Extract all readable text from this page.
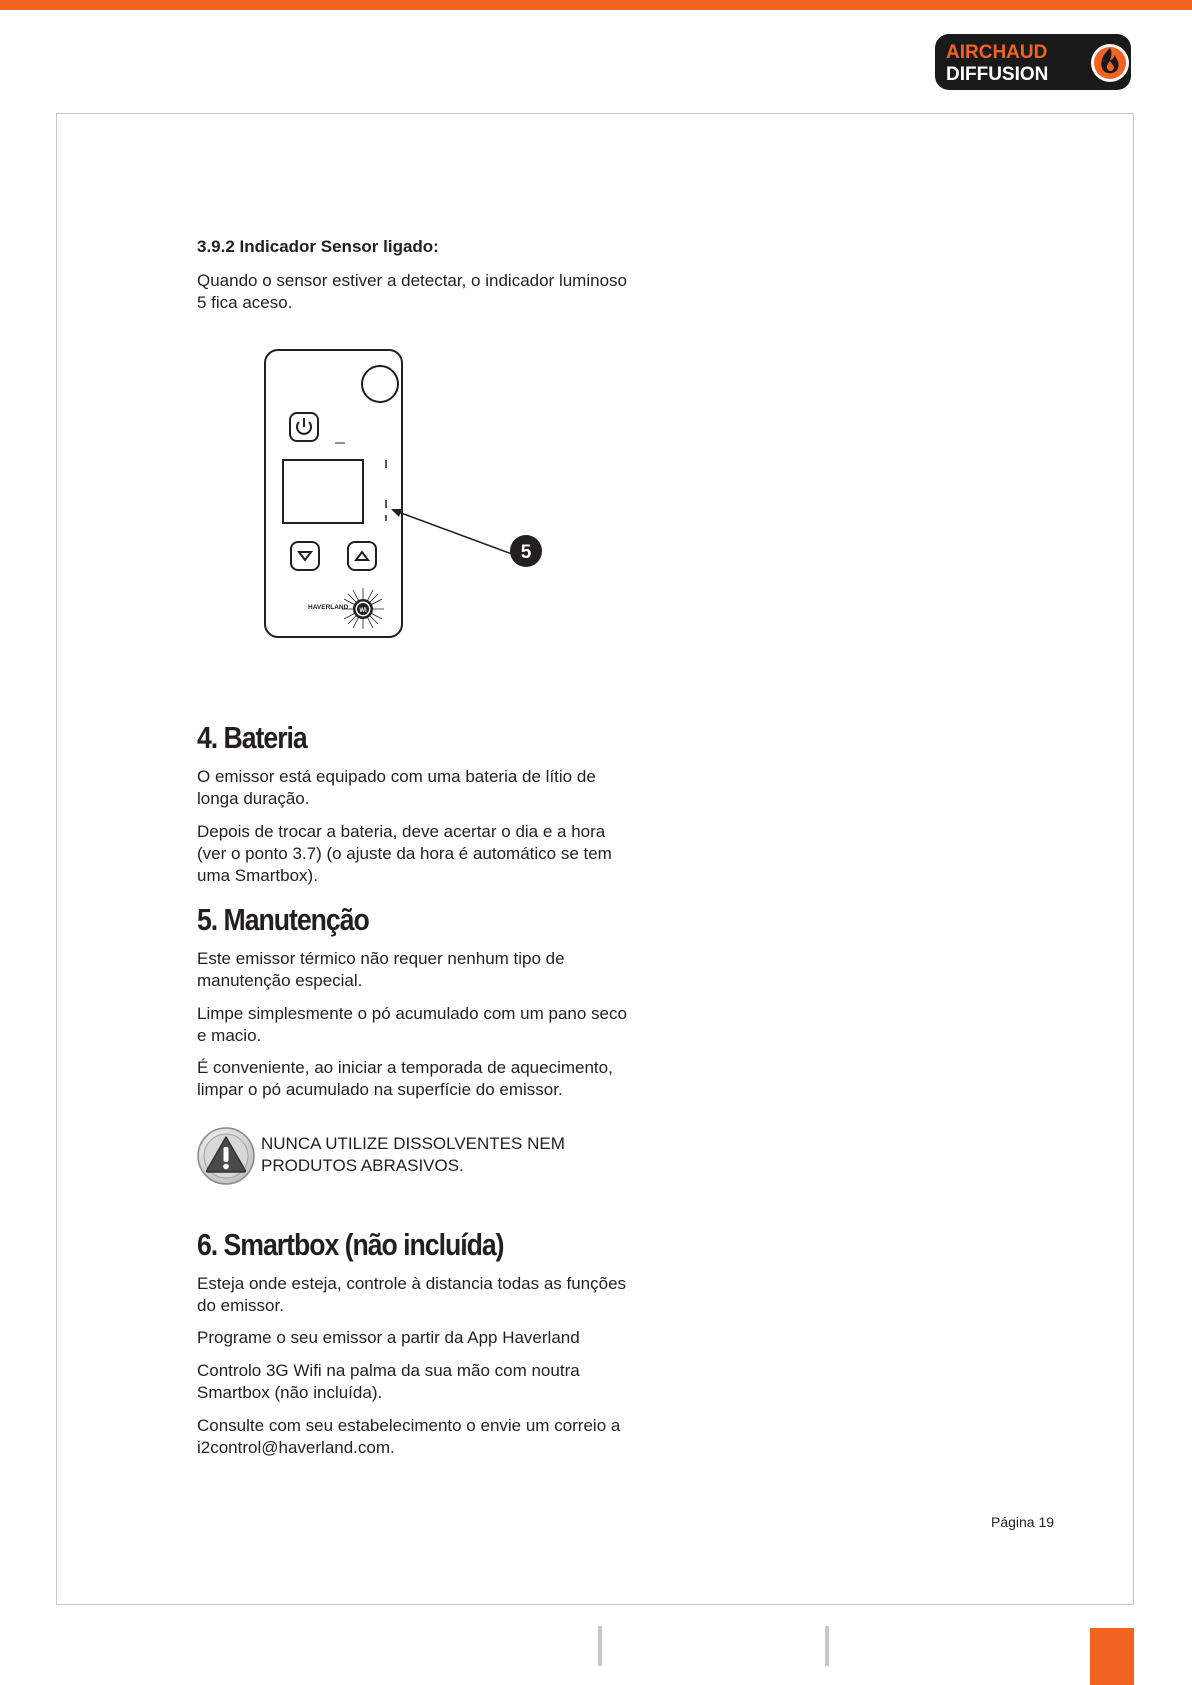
AIRCHAUD
DIFFUSION
3.9.2 Indicador Sensor ligado:

Quando o sensor estiver a detectar, o indicador luminoso 5 fica aceso.

5
HAVERLAND Wi
4. Bateria

O emissor está equipado com uma bateria de lítio de longa duração.

Depois de trocar a bateria, deve acertar o dia e a hora (ver o ponto 3.7) (o ajuste da hora é automático se tem uma Smartbox).

5. Manutenção

Este emissor térmico não requer nenhum tipo de manutenção especial.

Limpe simplesmente o pó acumulado com um pano seco e macio.

É conveniente, ao iniciar a temporada de aquecimento, limpar o pó acumulado na superfície do emissor.

NUNCA UTILIZE DISSOLVENTES NEM PRODUTOS ABRASIVOS.

6. Smartbox (não incluída)

Esteja onde esteja, controle à distancia todas as funções do emissor.

Programe o seu emissor a partir da App Haverland

Controlo 3G Wifi na palma da sua mão com noutra Smartbox (não incluída).

Consulte com seu estabelecimento o envie um correio a i2control@haverland.com.

Página 19
